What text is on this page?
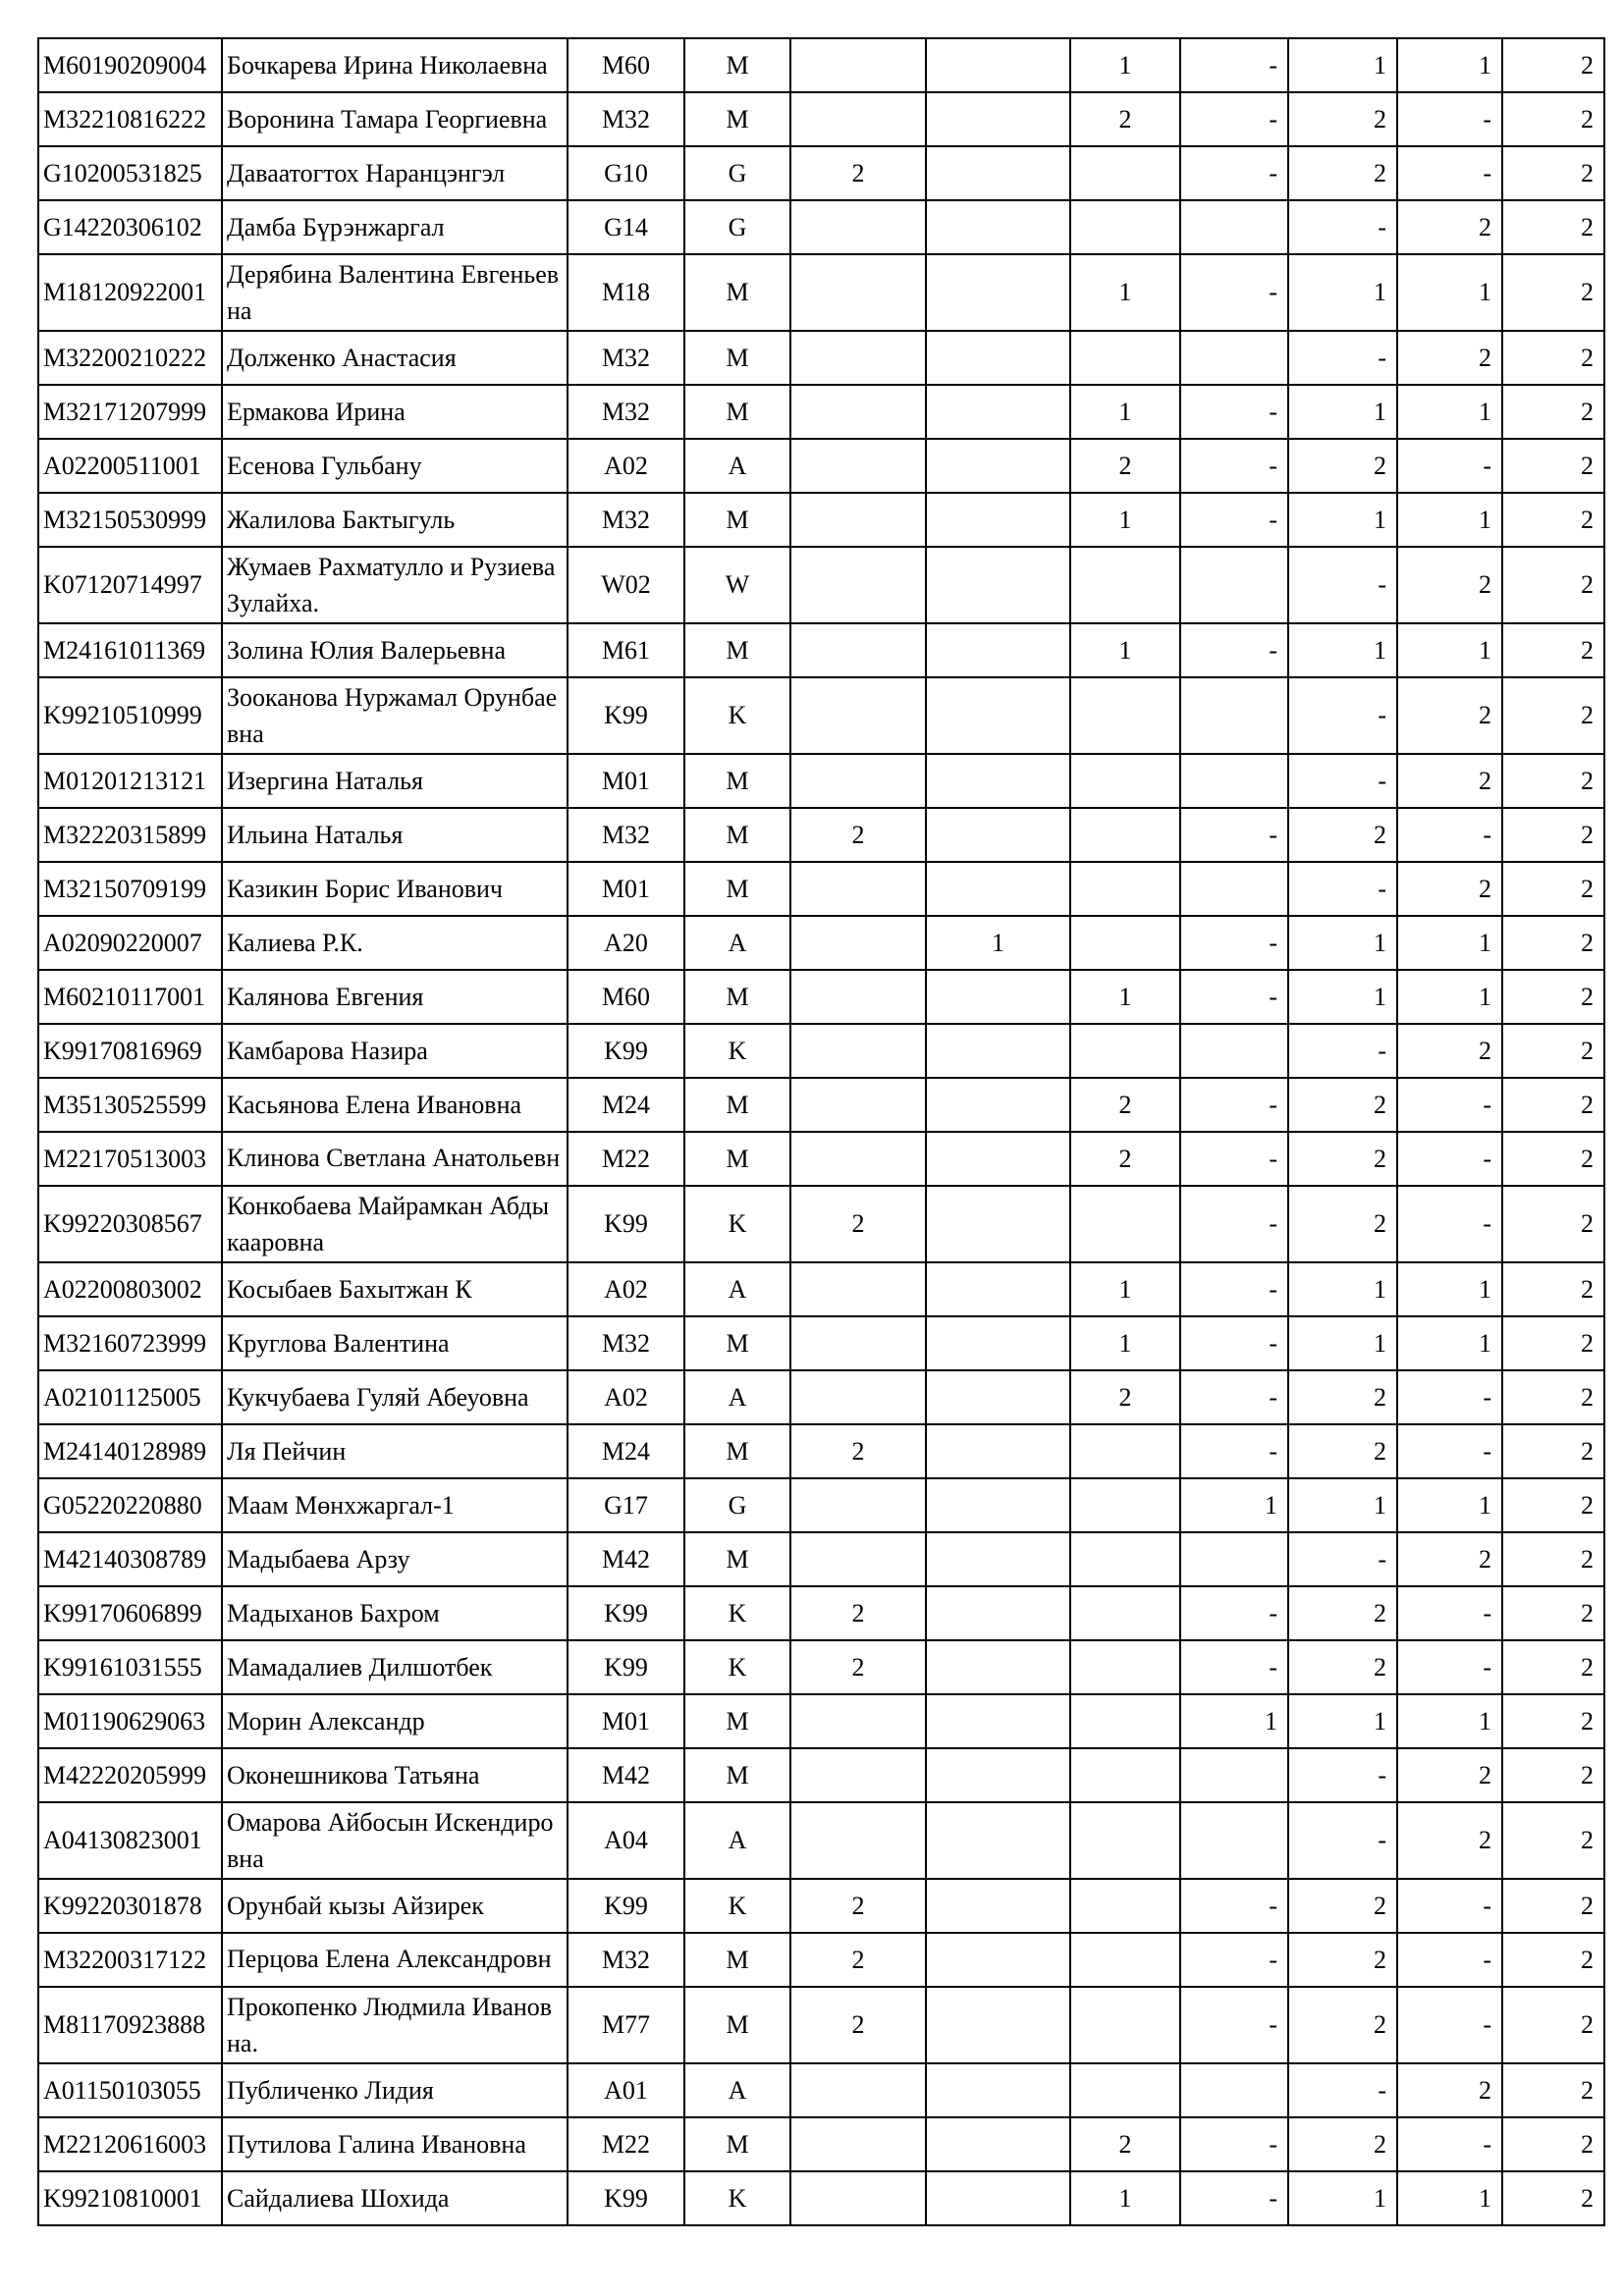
M60190209004	Бочкарева Ирина Николаевна	M60	M			1	-	1	1	2
M32210816222	Воронина Тамара Георгиевна	M32	M			2	-	2	-	2
G10200531825	Даваатогтох Наранцэнгэл	G10	G	2			-	2	-	2
G14220306102	Дамба Бүрэнжаргал	G14	G					-	2	2
M18120922001	Дерябина Валентина Евгеньевна	M18	M			1	-	1	1	2
M32200210222	Долженко Анастасия	M32	M					-	2	2
M32171207999	Ермакова Ирина	M32	M			1	-	1	1	2
A02200511001	Есенова Гульбану	A02	A			2	-	2	-	2
M32150530999	Жалилова Бактыгуль	M32	M			1	-	1	1	2
K07120714997	Жумаев Рахматулло и Рузиева Зулайха.	W02	W					-	2	2
M24161011369	Золина Юлия Валерьевна	M61	M			1	-	1	1	2
K99210510999	Зооканова Нуржамал Орунбаевна	K99	K					-	2	2
M01201213121	Изергина Наталья	M01	M					-	2	2
M32220315899	Ильина Наталья	M32	M	2			-	2	-	2
M32150709199	Казикин Борис Иванович	M01	M					-	2	2
A02090220007	Калиева Р.К.	A20	A		1		-	1	1	2
M60210117001	Калянова Евгения	M60	M			1	-	1	1	2
K99170816969	Камбарова Назира	K99	K					-	2	2
M35130525599	Касьянова Елена Ивановна	M24	M			2	-	2	-	2
M22170513003	Клинова Светлана Анатольевн	M22	M			2	-	2	-	2
K99220308567	Конкобаева Майрамкан Абдыкааровна	K99	K	2			-	2	-	2
A02200803002	Косыбаев Бахытжан К	A02	A			1	-	1	1	2
M32160723999	Круглова Валентина	M32	M			1	-	1	1	2
A02101125005	Кукчубаева Гуляй Абеуовна	A02	A			2	-	2	-	2
M24140128989	Ля Пейчин	M24	M	2			-	2	-	2
G05220220880	Маам Мөнхжаргал-1	G17	G				1	1	1	2
M42140308789	Мадыбаева Арзу	M42	M					-	2	2
K99170606899	Мадыханов Бахром	K99	K	2			-	2	-	2
K99161031555	Мамадалиев Дилшотбек	K99	K	2			-	2	-	2
M01190629063	Морин Александр	M01	M				1	1	1	2
M42220205999	Оконешникова Татьяна	M42	M					-	2	2
A04130823001	Омарова Айбосын Искендировна	A04	A					-	2	2
K99220301878	Орунбай кызы Айзирек	K99	K	2			-	2	-	2
M32200317122	Перцова Елена Александровн	M32	M	2			-	2	-	2
M81170923888	Прокопенко Людмила Ивановна.	M77	M	2			-	2	-	2
A01150103055	Публиченко Лидия	A01	A					-	2	2
M22120616003	Путилова Галина Ивановна	M22	M			2	-	2	-	2
K99210810001	Сайдалиева Шохида	K99	K			1	-	1	1	2
